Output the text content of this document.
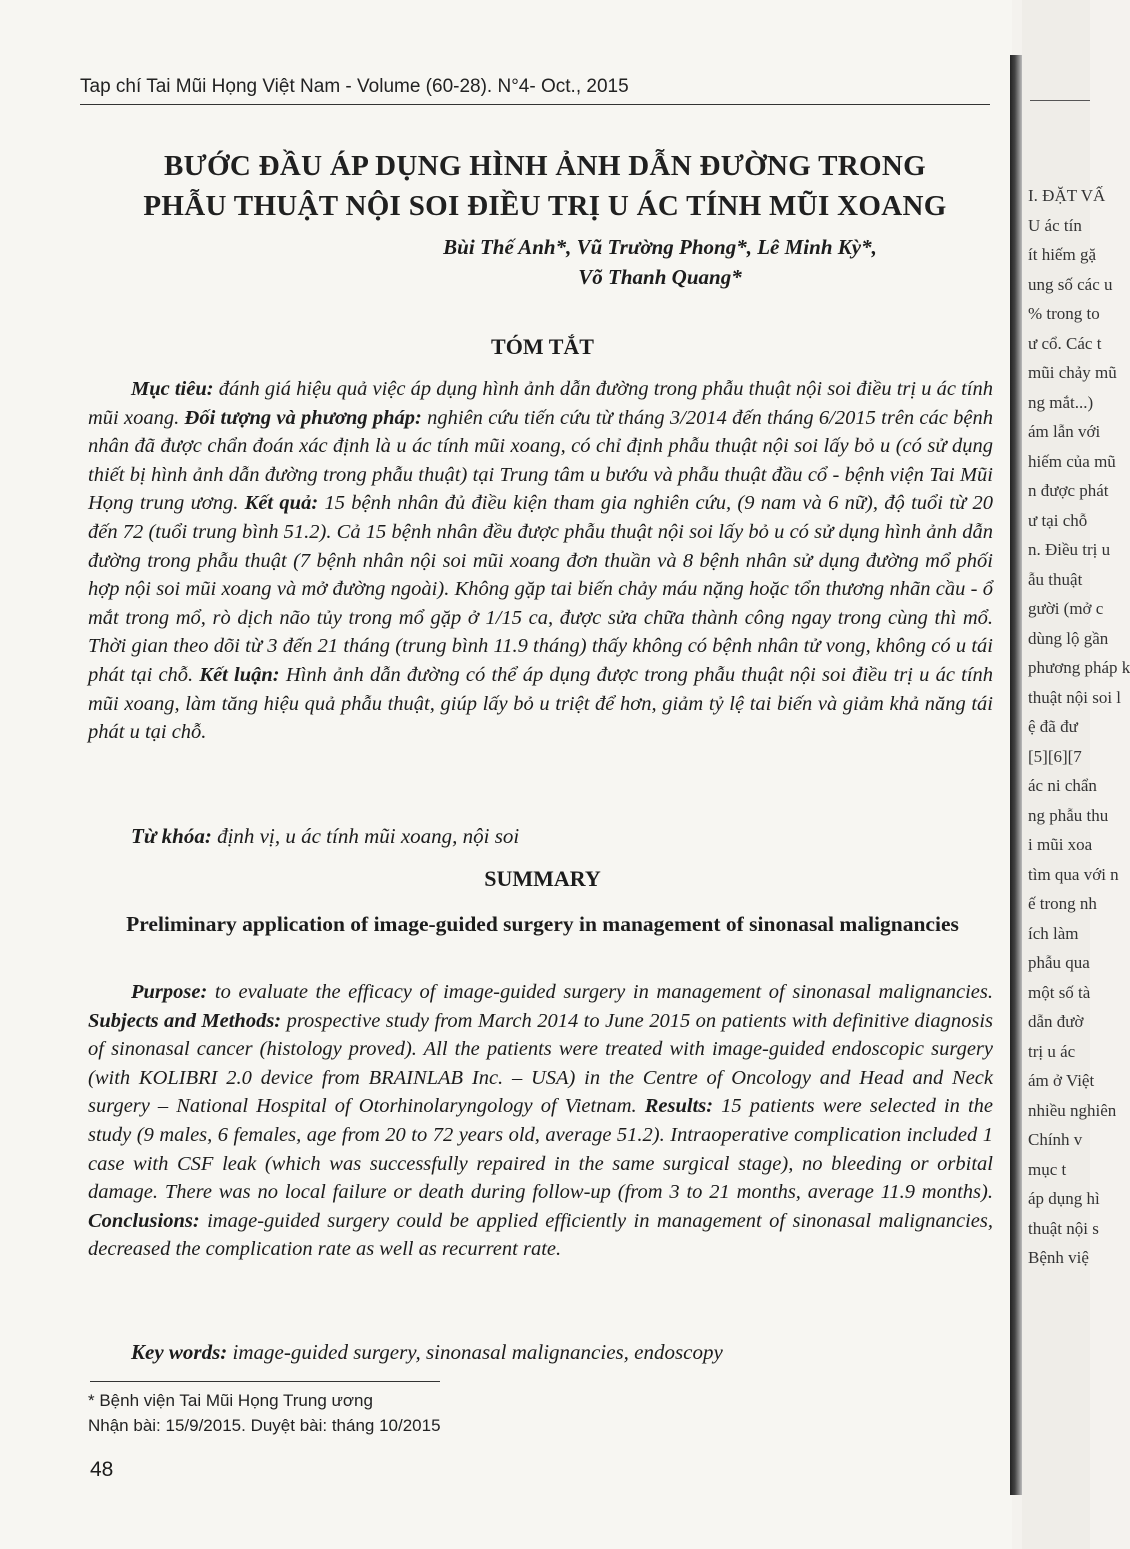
Tap chí Tai Mũi Họng Việt Nam - Volume (60-28). N°4- Oct., 2015
BƯỚC ĐẦU ÁP DỤNG HÌNH ẢNH DẪN ĐƯỜNG TRONG
PHẪU THUẬT NỘI SOI ĐIỀU TRỊ U ÁC TÍNH MŨI XOANG
Bùi Thế Anh*, Vũ Trường Phong*, Lê Minh Kỳ*,
Võ Thanh Quang*
TÓM TẮT

Mục tiêu: đánh giá hiệu quả việc áp dụng hình ảnh dẫn đường trong phẫu thuật nội soi điều trị u ác tính mũi xoang. Đối tượng và phương pháp: nghiên cứu tiến cứu từ tháng 3/2014 đến tháng 6/2015 trên các bệnh nhân đã được chẩn đoán xác định là u ác tính mũi xoang, có chỉ định phẫu thuật nội soi lấy bỏ u (có sử dụng thiết bị hình ảnh dẫn đường trong phẫu thuật) tại Trung tâm u bướu và phẫu thuật đầu cổ - bệnh viện Tai Mũi Họng trung ương. Kết quả: 15 bệnh nhân đủ điều kiện tham gia nghiên cứu, (9 nam và 6 nữ), độ tuổi từ 20 đến 72 (tuổi trung bình 51.2). Cả 15 bệnh nhân đều được phẫu thuật nội soi lấy bỏ u có sử dụng hình ảnh dẫn đường trong phẫu thuật (7 bệnh nhân nội soi mũi xoang đơn thuần và 8 bệnh nhân sử dụng đường mổ phối hợp nội soi mũi xoang và mở đường ngoài). Không gặp tai biến chảy máu nặng hoặc tổn thương nhãn cầu - ổ mắt trong mổ, rò dịch não tủy trong mổ gặp ở 1/15 ca, được sửa chữa thành công ngay trong cùng thì mổ. Thời gian theo dõi từ 3 đến 21 tháng (trung bình 11.9 tháng) thấy không có bệnh nhân tử vong, không có u tái phát tại chỗ. Kết luận: Hình ảnh dẫn đường có thể áp dụng được trong phẫu thuật nội soi điều trị u ác tính mũi xoang, làm tăng hiệu quả phẫu thuật, giúp lấy bỏ u triệt để hơn, giảm tỷ lệ tai biến và giảm khả năng tái phát u tại chỗ.

Từ khóa: định vị, u ác tính mũi xoang, nội soi
SUMMARY
Preliminary application of image-guided surgery in management of sinonasal malignancies

Purpose: to evaluate the efficacy of image-guided surgery in management of sinonasal malignancies. Subjects and Methods: prospective study from March 2014 to June 2015 on patients with definitive diagnosis of sinonasal cancer (histology proved). All the patients were treated with image-guided endoscopic surgery (with KOLIBRI 2.0 device from BRAINLAB Inc. – USA) in the Centre of Oncology and Head and Neck surgery – National Hospital of Otorhinolaryngology of Vietnam. Results: 15 patients were selected in the study (9 males, 6 females, age from 20 to 72 years old, average 51.2). Intraoperative complication included 1 case with CSF leak (which was successfully repaired in the same surgical stage), no bleeding or orbital damage. There was no local failure or death during follow-up (from 3 to 21 months, average 11.9 months). Conclusions: image-guided surgery could be applied efficiently in management of sinonasal malignancies, decreased the complication rate as well as recurrent rate.

Key words: image-guided surgery, sinonasal malignancies, endoscopy
* Bệnh viện Tai Mũi Họng Trung ương
Nhận bài: 15/9/2015. Duyệt bài: tháng 10/2015
48
I. ĐẶT VẤ
U ác tín
ít hiếm gặ
ung số các u
% trong to
ư cổ. Các t
mũi chảy mũ
ng mắt...)
ám lẫn với
hiếm của mũ
n được phát
ư tại chỗ
n. Điều trị u
ẫu thuật
gười (mở c
dùng lộ gần
phương pháp k
thuật nội soi l
ệ đã đư
[5][6][7
ác ni chẩn
ng phẫu thu
i mũi xoa
tìm qua với n
ế trong nh
ích làm
phẫu qua
một số tà
dẫn đườ
trị u ác
ám ở Việt
nhiều nghiên
Chính v
mục t
áp dụng hì
thuật nội s
Bệnh việ
